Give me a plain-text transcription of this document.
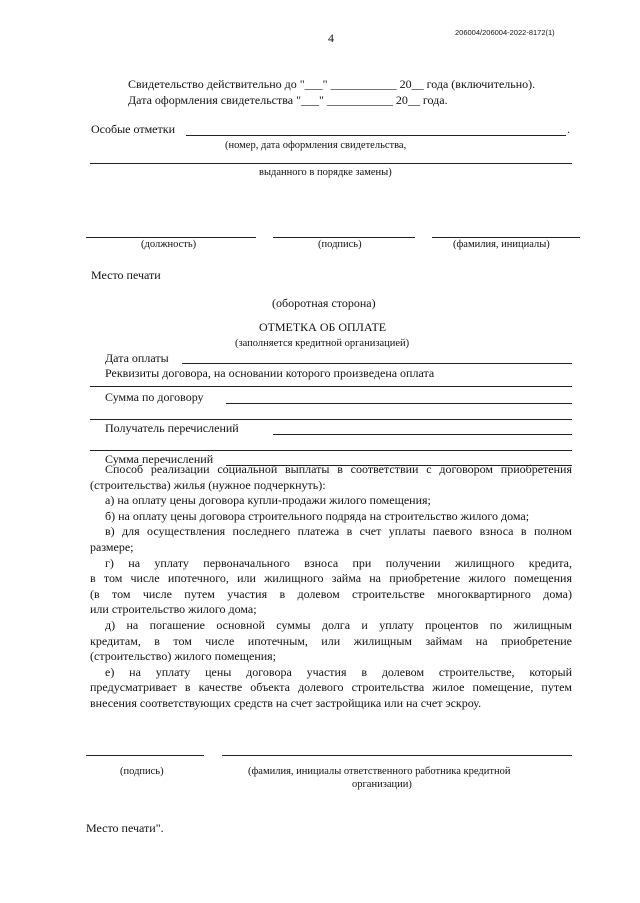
206004/206004-2022-8172(1)
4
Свидетельство действительно до "___" ___________ 20__ года (включительно).
Дата оформления свидетельства "___" ___________ 20__ года.
Особые отметки	.
(номер, дата оформления свидетельства,
выданного в порядке замены)
(должность)	(подпись)	(фамилия, инициалы)
Место печати
(оборотная сторона)
ОТМЕТКА ОБ ОПЛАТЕ
(заполняется кредитной организацией)
Дата оплаты
Реквизиты договора, на основании которого произведена оплата
Сумма по договору
Получатель перечислений
Сумма перечислений
Способ реализации социальной выплаты в соответствии с договором приобретения
(строительства) жилья (нужное подчеркнуть):
а) на оплату цены договора купли-продажи жилого помещения;
б) на оплату цены договора строительного подряда на строительство жилого дома;
в) для осуществления последнего платежа в счет уплаты паевого взноса в полном
размере;
г) на уплату первоначального взноса при получении жилищного кредита,
в том числе ипотечного, или жилищного займа на приобретение жилого помещения
(в том числе путем участия в долевом строительстве многоквартирного дома)
или строительство жилого дома;
д) на погашение основной суммы долга и уплату процентов по жилищным
кредитам, в том числе ипотечным, или жилищным займам на приобретение
(строительство) жилого помещения;
е) на уплату цены договора участия в долевом строительстве, который
предусматривает в качестве объекта долевого строительства жилое помещение, путем
внесения соответствующих средств на счет застройщика или на счет эскроу.
(подпись)	(фамилия, инициалы ответственного работника кредитной
организации)
Место печати".
